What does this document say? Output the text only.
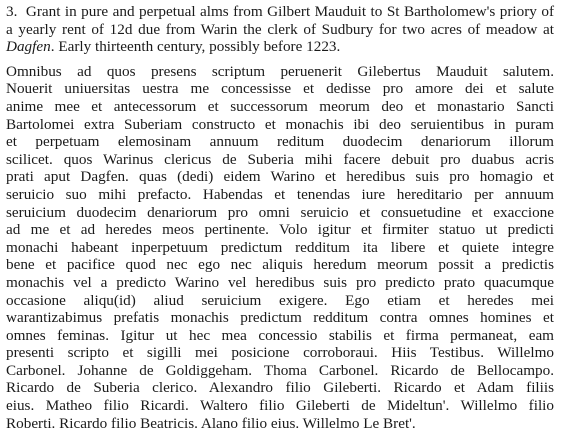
3. Grant in pure and perpetual alms from Gilbert Mauduit to St Bartholomew's priory of a yearly rent of 12d due from Warin the clerk of Sudbury for two acres of meadow at Dagfen. Early thirteenth century, possibly before 1223.

Omnibus ad quos presens scriptum peruenerit Gilebertus Mauduit salutem.
Nouerit uniuersitas uestra me concessisse et dedisse pro amore dei et salute
anime mee et antecessorum et successorum meorum deo et monastario Sancti
Bartolomei extra Suberiam constructo et monachis ibi deo seruientibus in puram
et perpetuam elemosinam annuum reditum duodecim denariorum illorum
scilicet. quos Warinus clericus de Suberia mihi facere debuit pro duabus acris
prati aput Dagfen. quas (dedi) eidem Warino et heredibus suis pro homagio et
seruicio suo mihi prefacto. Habendas et tenendas iure hereditario per annuum
seruicium duodecim denariorum pro omni seruicio et consuetudine et exaccione
ad me et ad heredes meos pertinente. Volo igitur et firmiter statuo ut predicti
monachi habeant inperpetuum predictum redditum ita libere et quiete integre
bene et pacifice quod nec ego nec aliquis heredum meorum possit a predictis
monachis vel a predicto Warino vel heredibus suis pro predicto prato quacumque
occasione aliqu(id) aliud seruicium exigere. Ego etiam et heredes mei
warantizabimus prefatis monachis predictum redditum contra omnes homines et
omnes feminas. Igitur ut hec mea concessio stabilis et firma permaneat, eam
presenti scripto et sigilli mei posicione corroboraui. Hiis Testibus. Willelmo
Carbonel. Johanne de Goldiggeham. Thoma Carbonel. Ricardo de Bellocampo.
Ricardo de Suberia clerico. Alexandro filio Gileberti. Ricardo et Adam filiis
eius. Matheo filio Ricardi. Waltero filio Gileberti de Mideltun'. Willelmo filio
Roberti. Ricardo filio Beatricis. Alano filio eius. Willelmo Le Bret'.
